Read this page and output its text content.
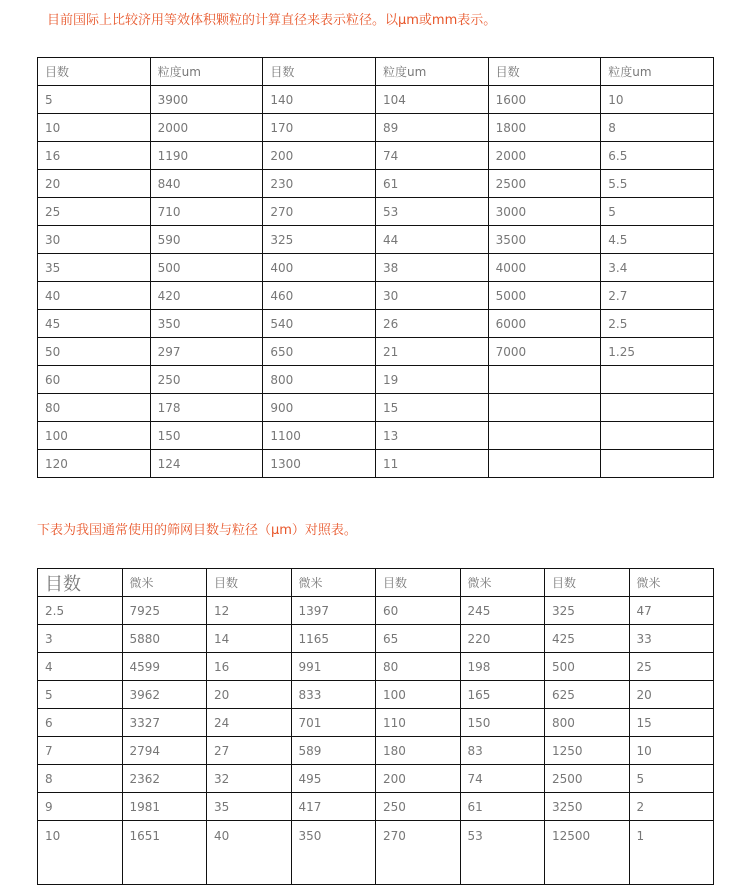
目前国际上比较济用等效体积颗粒的计算直径来表示粒径。以μm或mm表示。
目数	粒度um	目数	粒度um	目数	粒度um
5	3900	140	104	1600	10
10	2000	170	89	1800	8
16	1190	200	74	2000	6.5
20	840	230	61	2500	5.5
25	710	270	53	3000	5
30	590	325	44	3500	4.5
35	500	400	38	4000	3.4
40	420	460	30	5000	2.7
45	350	540	26	6000	2.5
50	297	650	21	7000	1.25
60	250	800	19		
80	178	900	15		
100	150	1100	13		
120	124	1300	11		
下表为我国通常使用的筛网目数与粒径（μm）对照表。
目数	微米	目数	微米	目数	微米	目数	微米
2.5	7925	12	1397	60	245	325	47
3	5880	14	1165	65	220	425	33
4	4599	16	991	80	198	500	25
5	3962	20	833	100	165	625	20
6	3327	24	701	110	150	800	15
7	2794	27	589	180	83	1250	10
8	2362	32	495	200	74	2500	5
9	1981	35	417	250	61	3250	2
10	1651	40	350	270	53	12500	1
